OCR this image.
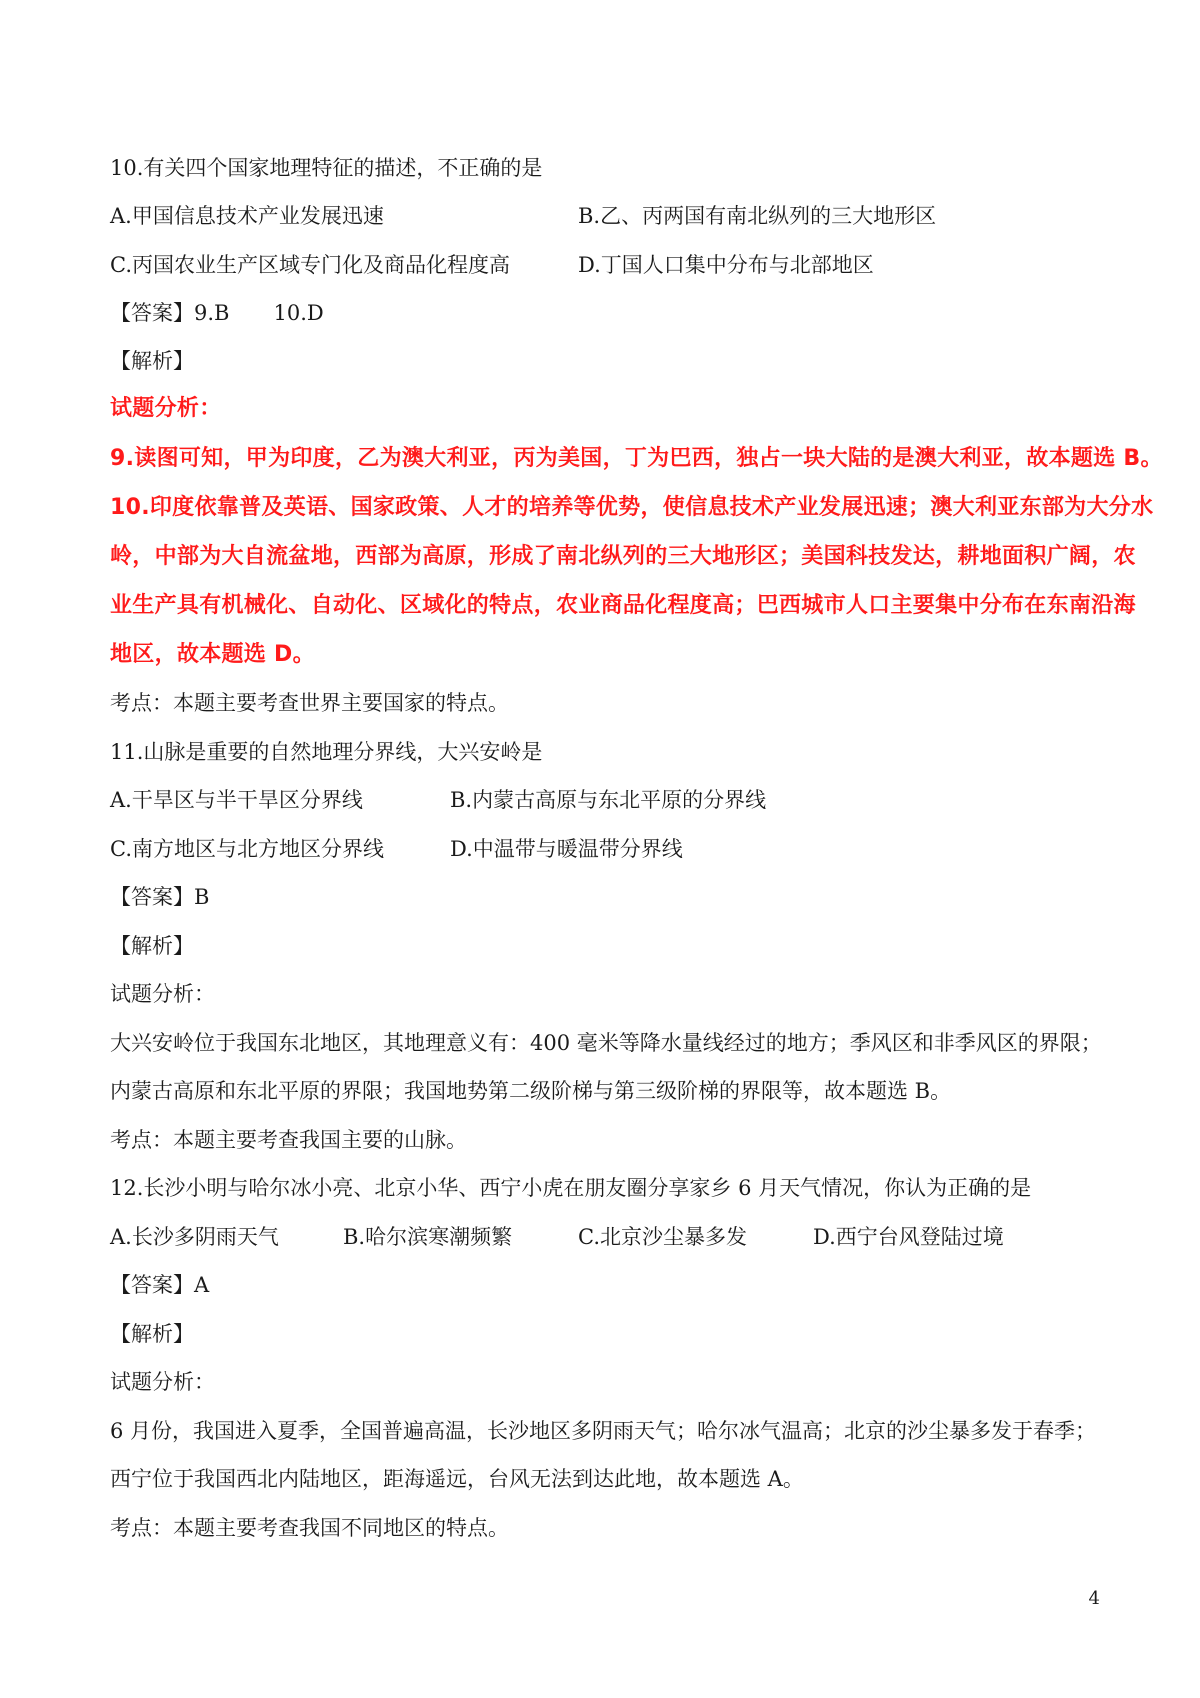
10.有关四个国家地理特征的描述，不正确的是
A.甲国信息技术产业发展迅速	B.乙、丙两国有南北纵列的三大地形区
C.丙国农业生产区域专门化及商品化程度高	D.丁国人口集中分布与北部地区
【答案】9.B 10.D
【解析】
试题分析：
9.读图可知，甲为印度，乙为澳大利亚，丙为美国，丁为巴西，独占一块大陆的是澳大利亚，故本题选 B。
10.印度依靠普及英语、国家政策、人才的培养等优势，使信息技术产业发展迅速；澳大利亚东部为大分水
岭，中部为大自流盆地，西部为高原，形成了南北纵列的三大地形区；美国科技发达，耕地面积广阔，农
业生产具有机械化、自动化、区域化的特点，农业商品化程度高；巴西城市人口主要集中分布在东南沿海
地区，故本题选 D。
考点：本题主要考查世界主要国家的特点。
11.山脉是重要的自然地理分界线，大兴安岭是
A.干旱区与半干旱区分界线	B.内蒙古高原与东北平原的分界线
C.南方地区与北方地区分界线	D.中温带与暖温带分界线
【答案】B
【解析】
试题分析：
大兴安岭位于我国东北地区，其地理意义有：400 毫米等降水量线经过的地方；季风区和非季风区的界限；
内蒙古高原和东北平原的界限；我国地势第二级阶梯与第三级阶梯的界限等，故本题选 B。
考点：本题主要考查我国主要的山脉。
12.长沙小明与哈尔冰小亮、北京小华、西宁小虎在朋友圈分享家乡 6 月天气情况，你认为正确的是
A.长沙多阴雨天气	B.哈尔滨寒潮频繁	C.北京沙尘暴多发	D.西宁台风登陆过境
【答案】A
【解析】
试题分析：
6 月份，我国进入夏季，全国普遍高温，长沙地区多阴雨天气；哈尔冰气温高；北京的沙尘暴多发于春季；
西宁位于我国西北内陆地区，距海遥远，台风无法到达此地，故本题选 A。
考点：本题主要考查我国不同地区的特点。
4
